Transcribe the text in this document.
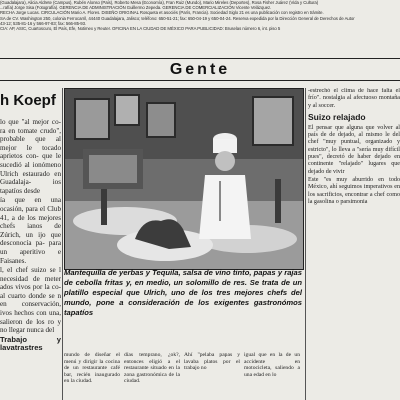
(Guadalajara), Alicia Aldrete (Campus), Rubén Alonso (País), Roberto Mesa (Economía), Fran Ruiz (Mundo), Mario Mireles (Deportes), Rosa Fisher Juárez (Vida y Cultura)
...rafía) Jorge Sisa (Fotografía). GERENCIA DE ADMINISTRACIÓN Guillermo Zepeda. GERENCIA DE COMERCIALIZACIÓN Vicente Velázquez.
RECHA Jorge Lucas. CIRCULACIÓN Mario A. Flores. DISEÑO ORIGINAL Rosqueta et asociés (París, Francia). Sociedad Siglo 21 es una publicación con registro en trámite.
SA de CV. Washington 250, colonia Ferrocarril, 44440 Guadalajara, Jalisco; teléfono: 650-51-21; fax: 650-04-19 y 650-04-24. Reserva expedida por la Dirección General de Derechos de Autor
43-12; 535-81-16 y 566-97-83; fax: 566-85-93.
CIA: AP, ASIC, Cuartoscuro, El País, Efe, Notimex y Reuter. OFICINA EN LA CIUDAD DE MÉXICO PARA PUBLICIDAD: Bruselas número 6, int. piso 5
Gente
h Koepf

lo que "al mejor co-ra en tomate crudo", probable que al mejor le tocado aprietos con- que le sucedió al ionómeno Ulrich estaurado en Guadalaja- ios tapatíos desde

ía que en una ocasión, para el Club 41, a de los mejores chefs ianos de Zúrich, un ijo que desconocía pa- para un aperitivo e Faisanes.

l, el chef suizo se l necesidad de meter ados vivos por la co- al cuarto donde se n en conservación, ivos hechos con una, salieron de los ro y no llegar nunca del

Trabajo y lavatrastres

Mantequilla de yerbas y Tequila, salsa de vino tinto, papas y rajas de cebolla fritas y, en medio, un solomillo de res. Se trata de un platillo especial que Ulrich, uno de los tres mejores chefs del mundo, pone a consideración de los exigentes gastronómos tapatíos
mundo de diseñar el menú y dirigir la cocina de un restaurante café bar, recién inaugurado en la ciudad.
días temprano, ¿ok?, entonces eligió a el restaurante situado en la zona gastronómica de la ciudad.
Ahí "pelaba papas y lavaba platos por el trabajo no
igual que en la de un accidente en motocicleta, saliendo a una edad en lo

-estrechó el clima de hace falta el frío". nostalgia al afectuoso montaña y al soccer.

Suizo relajado

El pensar que alguna que volver al país de de dejado, al mismo le del chef "muy puntual, organizado y estricto", lo lleva a "sería muy difícil pues", decretó de haber dejado en continente "relajado" lugares que dejado de vivir

Este "es muy aburrido en todo México, ahí seguimos imperativos en los sacrificios, encontrar a chef como la gasolina o parsimonia
